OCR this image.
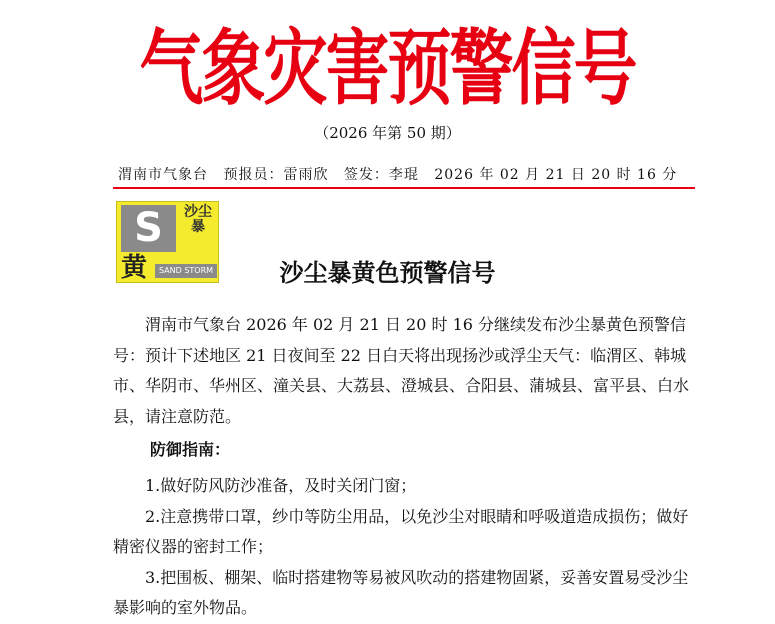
气象灾害预警信号
（2026 年第 50 期）
渭南市气象台 预报员：雷雨欣 签发：李琨 2026 年 02 月 21 日 20 时 16 分
S	沙尘暴
黄	SAND STORM	沙尘暴黄色预警信号

渭南市气象台 2026 年 02 月 21 日 20 时 16 分继续发布沙尘暴黄色预警信号：预计下述地区 21 日夜间至 22 日白天将出现扬沙或浮尘天气：临渭区、韩城市、华阴市、华州区、潼关县、大荔县、澄城县、合阳县、蒲城县、富平县、白水县，请注意防范。

防御指南：

1.做好防风防沙准备，及时关闭门窗；

2.注意携带口罩，纱巾等防尘用品，以免沙尘对眼睛和呼吸道造成损伤；做好精密仪器的密封工作；

3.把围板、棚架、临时搭建物等易被风吹动的搭建物固紧，妥善安置易受沙尘暴影响的室外物品。
